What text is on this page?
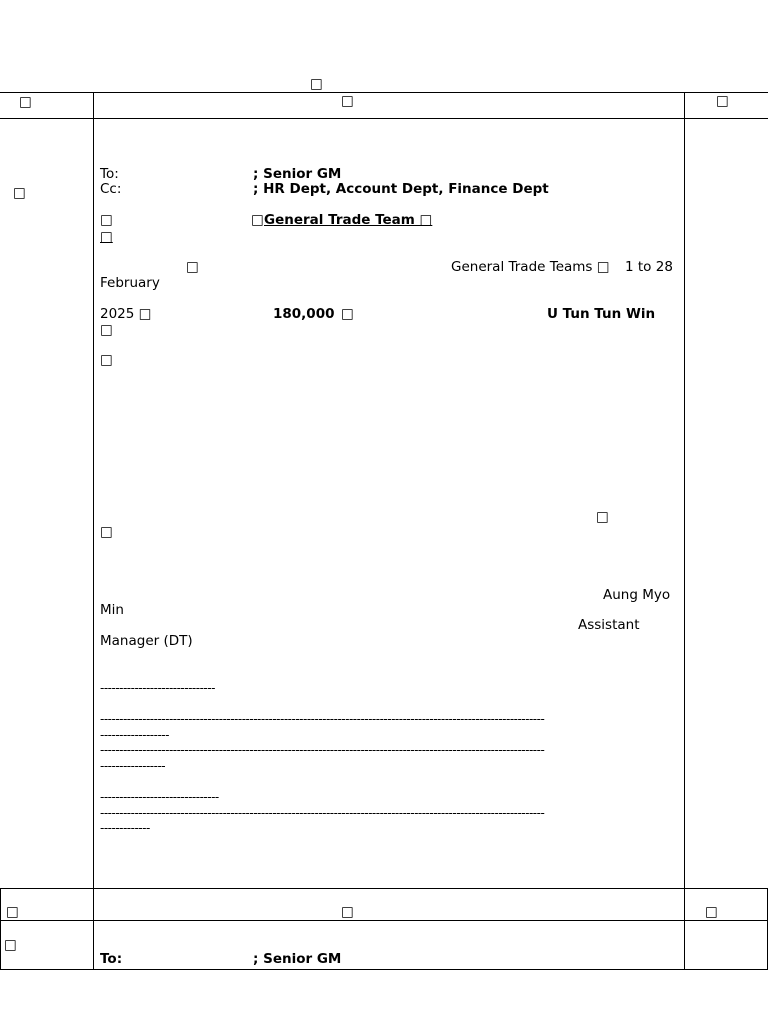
□
□	□	□
□
To:	; Senior GM
Cc:	; HR Dept, Account Dept, Finance Dept
□	□ General Trade Team □
□
□	General Trade Teams □ 1 to 28
February
2025 □	180,000 □	U Tun Tun Win
□
□
□
□
Aung Myo
Min
Assistant
Manager (DT)
------------------------------
--------------------------------------------------------------------------------------------------------------------
------------------
--------------------------------------------------------------------------------------------------------------------
-----------------
-------------------------------
--------------------------------------------------------------------------------------------------------------------
-------------
□	□	□
□
To:	; Senior GM
